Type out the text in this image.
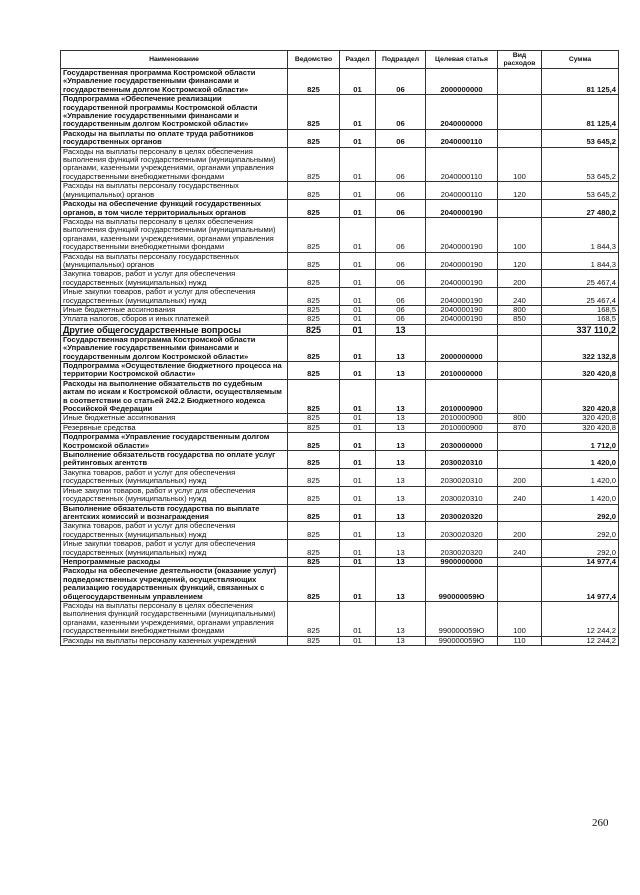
Наименование	Ведомство	Раздел	Подраздел	Целевая статья	Вид расходов	Сумма
Государственная программа Костромской области «Управление государственными финансами и государственным долгом Костромской области»	825	01	06	2000000000		81 125,4
Подпрограмма «Обеспечение реализации государственной программы Костромской области «Управление государственными финансами и государственным долгом Костромской области»	825	01	06	2040000000		81 125,4
Расходы на выплаты по оплате труда работников государственных органов	825	01	06	2040000110		53 645,2
Расходы на выплаты персоналу в целях обеспечения выполнения функций государственными (муниципальными) органами, казенными учреждениями, органами управления государственными внебюджетными фондами	825	01	06	2040000110	100	53 645,2
Расходы на выплаты персоналу государственных (муниципальных) органов	825	01	06	2040000110	120	53 645,2
Расходы на обеспечение функций государственных органов, в том числе территориальных органов	825	01	06	2040000190		27 480,2
Расходы на выплаты персоналу в целях обеспечения выполнения функций государственными (муниципальными) органами, казенными учреждениями, органами управления государственными внебюджетными фондами	825	01	06	2040000190	100	1 844,3
Расходы на выплаты персоналу государственных (муниципальных) органов	825	01	06	2040000190	120	1 844,3
Закупка товаров, работ и услуг для обеспечения государственных (муниципальных) нужд	825	01	06	2040000190	200	25 467,4
Иные закупки товаров, работ и услуг для обеспечения государственных (муниципальных) нужд	825	01	06	2040000190	240	25 467,4
Иные бюджетные ассигнования	825	01	06	2040000190	800	168,5
Уплата налогов, сборов и иных платежей	825	01	06	2040000190	850	168,5
Другие общегосударственные вопросы	825	01	13			337 110,2
Государственная программа Костромской области «Управление государственными финансами и государственным долгом Костромской области»	825	01	13	2000000000		322 132,8
Подпрограмма «Осуществление бюджетного процесса на территории Костромской области»	825	01	13	2010000000		320 420,8
Расходы на выполнение обязательств по судебным актам по искам к Костромской области, осуществляемым в соответствии со статьей 242.2 Бюджетного кодекса Российской Федерации	825	01	13	2010000900		320 420,8
Иные бюджетные ассигнования	825	01	13	2010000900	800	320 420,8
Резервные средства	825	01	13	2010000900	870	320 420,8
Подпрограмма «Управление государственным долгом Костромской области»	825	01	13	2030000000		1 712,0
Выполнение обязательств государства по оплате услуг рейтинговых агентств	825	01	13	2030020310		1 420,0
Закупка товаров, работ и услуг для обеспечения государственных (муниципальных) нужд	825	01	13	2030020310	200	1 420,0
Иные закупки товаров, работ и услуг для обеспечения государственных (муниципальных) нужд	825	01	13	2030020310	240	1 420,0
Выполнение обязательств государства по выплате агентских комиссий и вознаграждения	825	01	13	2030020320		292,0
Закупка товаров, работ и услуг для обеспечения государственных (муниципальных) нужд	825	01	13	2030020320	200	292,0
Иные закупки товаров, работ и услуг для обеспечения государственных (муниципальных) нужд	825	01	13	2030020320	240	292,0
Непрограммные расходы	825	01	13	9900000000		14 977,4
Расходы на обеспечение деятельности (оказание услуг) подведомственных учреждений, осуществляющих реализацию государственных функций, связанных с общегосударственным управлением	825	01	13	990000059Ю		14 977,4
Расходы на выплаты персоналу в целях обеспечения выполнения функций государственными (муниципальными) органами, казенными учреждениями, органами управления государственными внебюджетными фондами	825	01	13	990000059Ю	100	12 244,2
Расходы на выплаты персоналу казенных учреждений	825	01	13	990000059Ю	110	12 244,2
260
